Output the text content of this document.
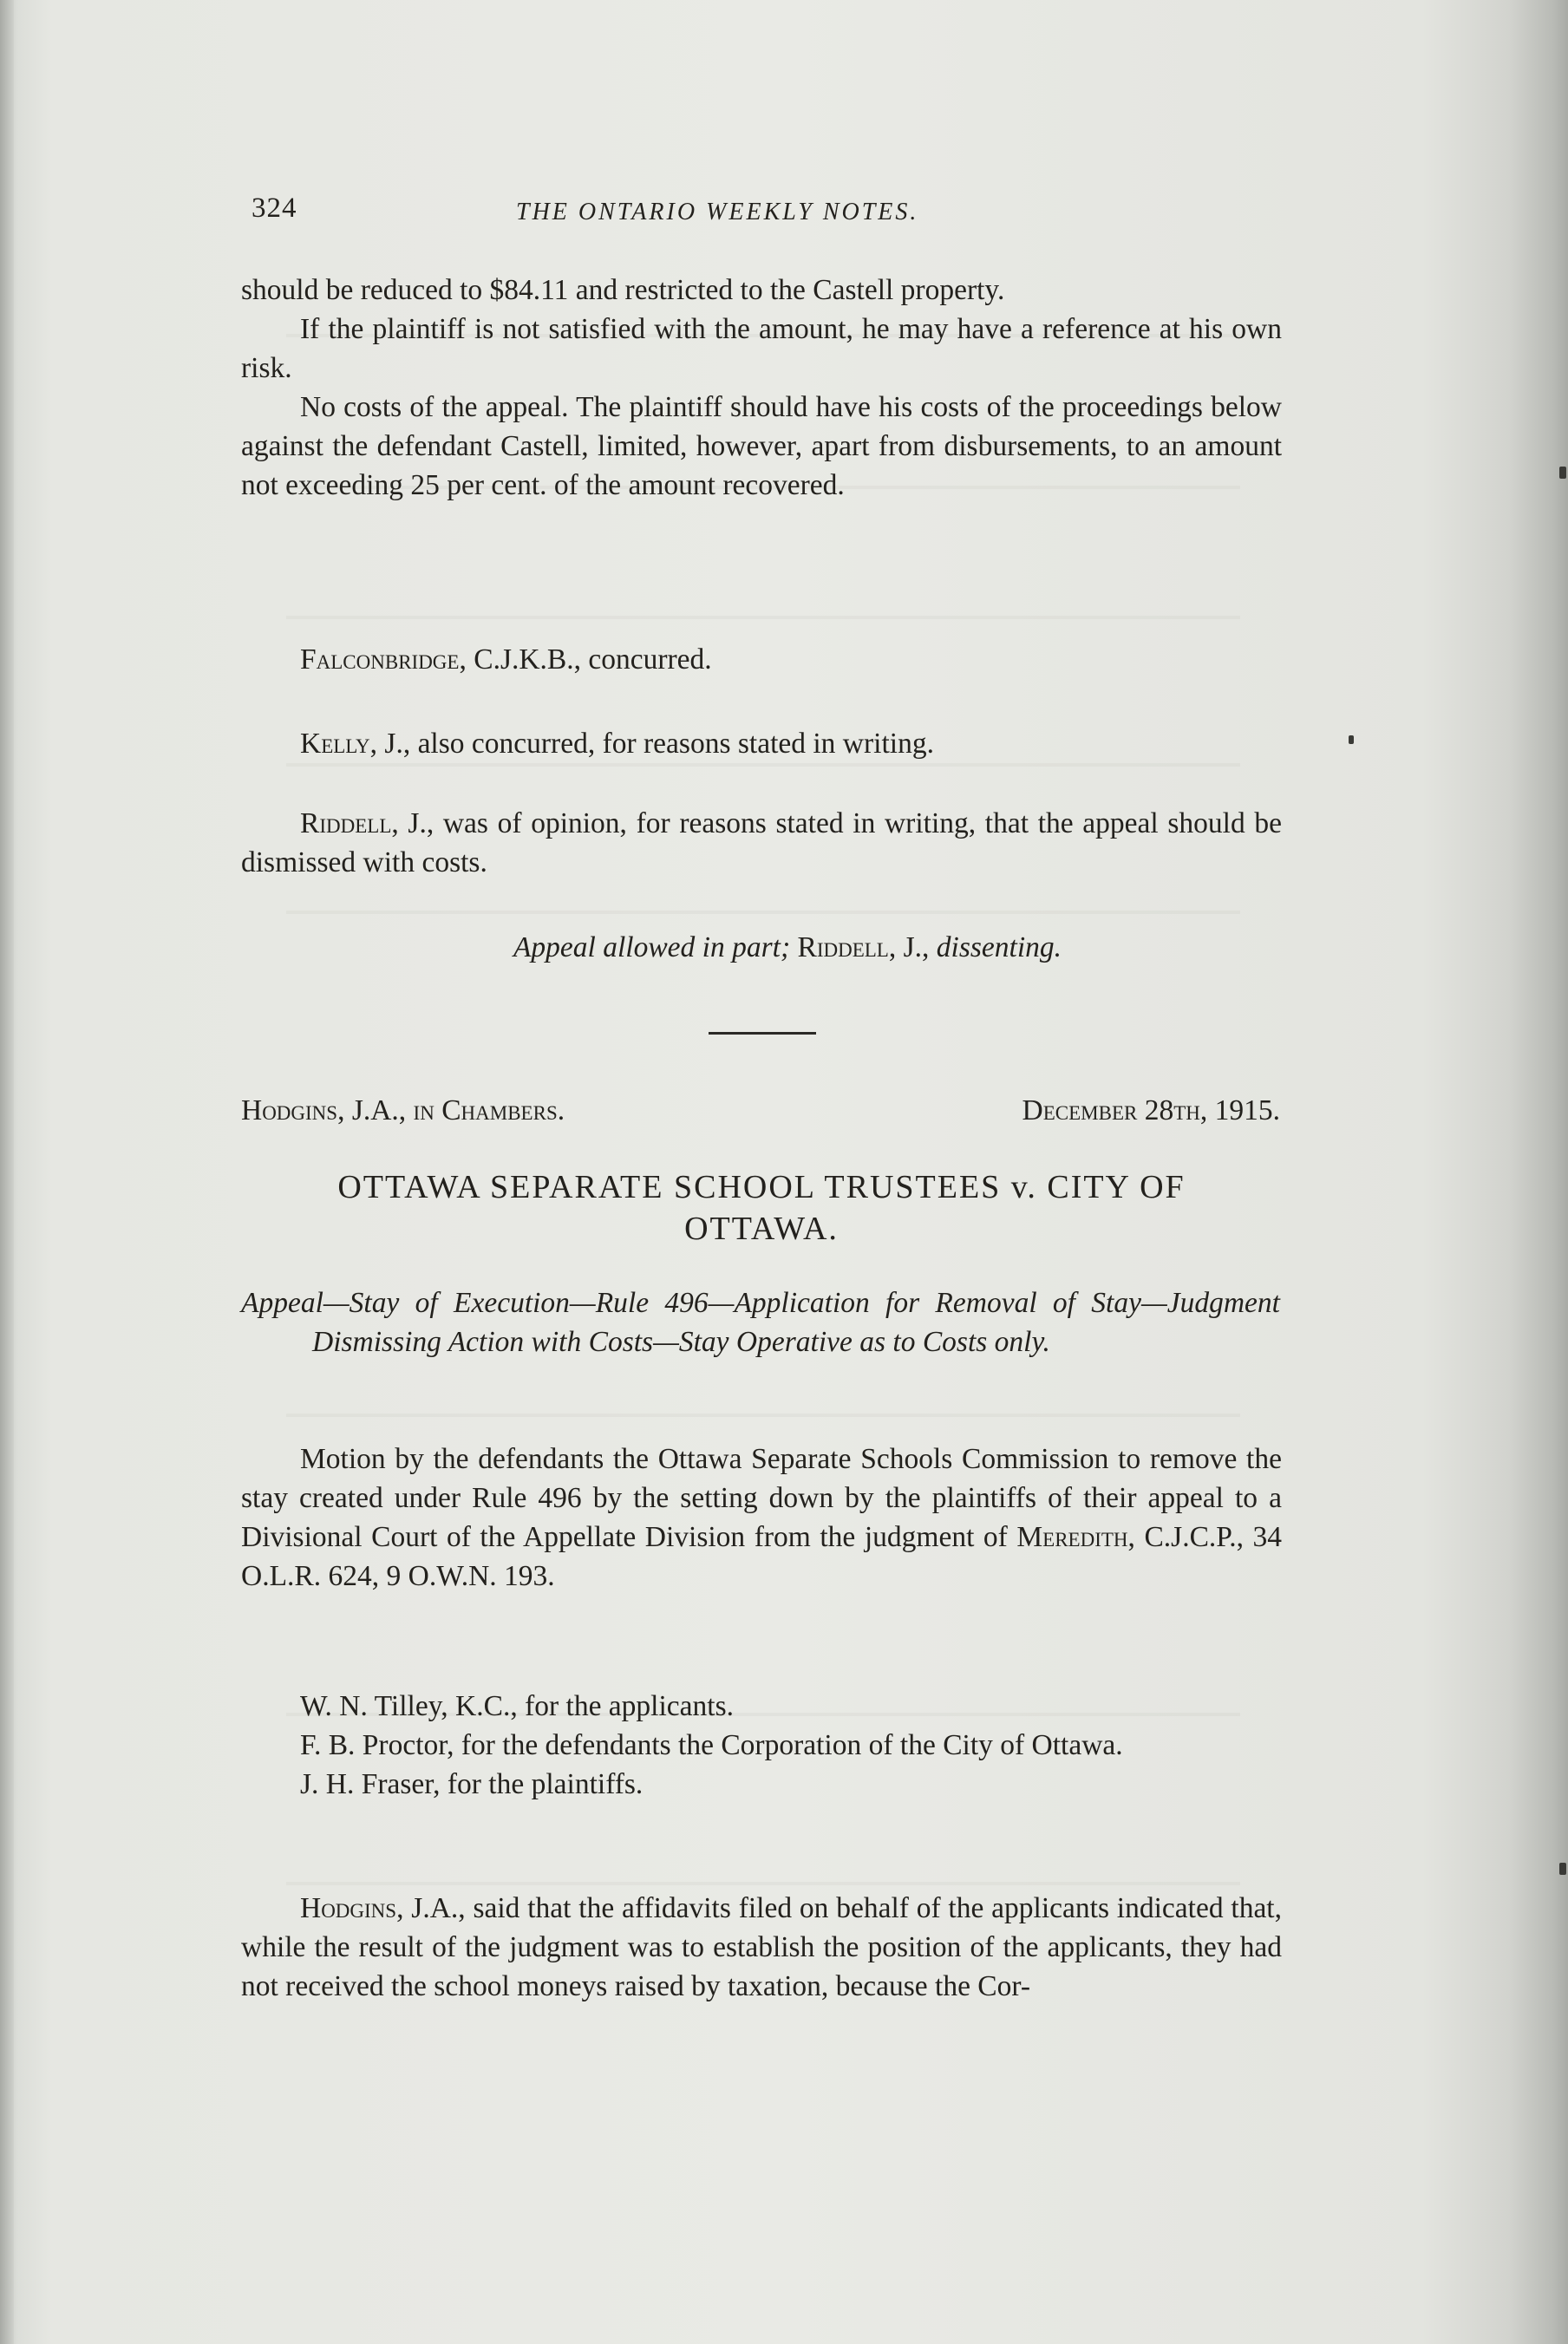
324	THE ONTARIO WEEKLY NOTES.

should be reduced to $84.11 and restricted to the Castell property.

If the plaintiff is not satisfied with the amount, he may have a reference at his own risk.

No costs of the appeal. The plaintiff should have his costs of the proceedings below against the defendant Castell, limited, however, apart from disbursements, to an amount not exceeding 25 per cent. of the amount recovered.

Falconbridge, C.J.K.B., concurred.

Kelly, J., also concurred, for reasons stated in writing.

Riddell, J., was of opinion, for reasons stated in writing, that the appeal should be dismissed with costs.

Appeal allowed in part; Riddell, J., dissenting.

Hodgins, J.A., in Chambers.	December 28th, 1915.
OTTAWA SEPARATE SCHOOL TRUSTEES v. CITY OF
OTTAWA.
Appeal—Stay of Execution—Rule 496—Application for Removal of Stay—Judgment Dismissing Action with Costs—Stay Operative as to Costs only.

Motion by the defendants the Ottawa Separate Schools Commission to remove the stay created under Rule 496 by the setting down by the plaintiffs of their appeal to a Divisional Court of the Appellate Division from the judgment of Meredith, C.J.C.P., 34 O.L.R. 624, 9 O.W.N. 193.

W. N. Tilley, K.C., for the applicants.

F. B. Proctor, for the defendants the Corporation of the City of Ottawa.

J. H. Fraser, for the plaintiffs.

Hodgins, J.A., said that the affidavits filed on behalf of the applicants indicated that, while the result of the judgment was to establish the position of the applicants, they had not received the school moneys raised by taxation, because the Cor-
